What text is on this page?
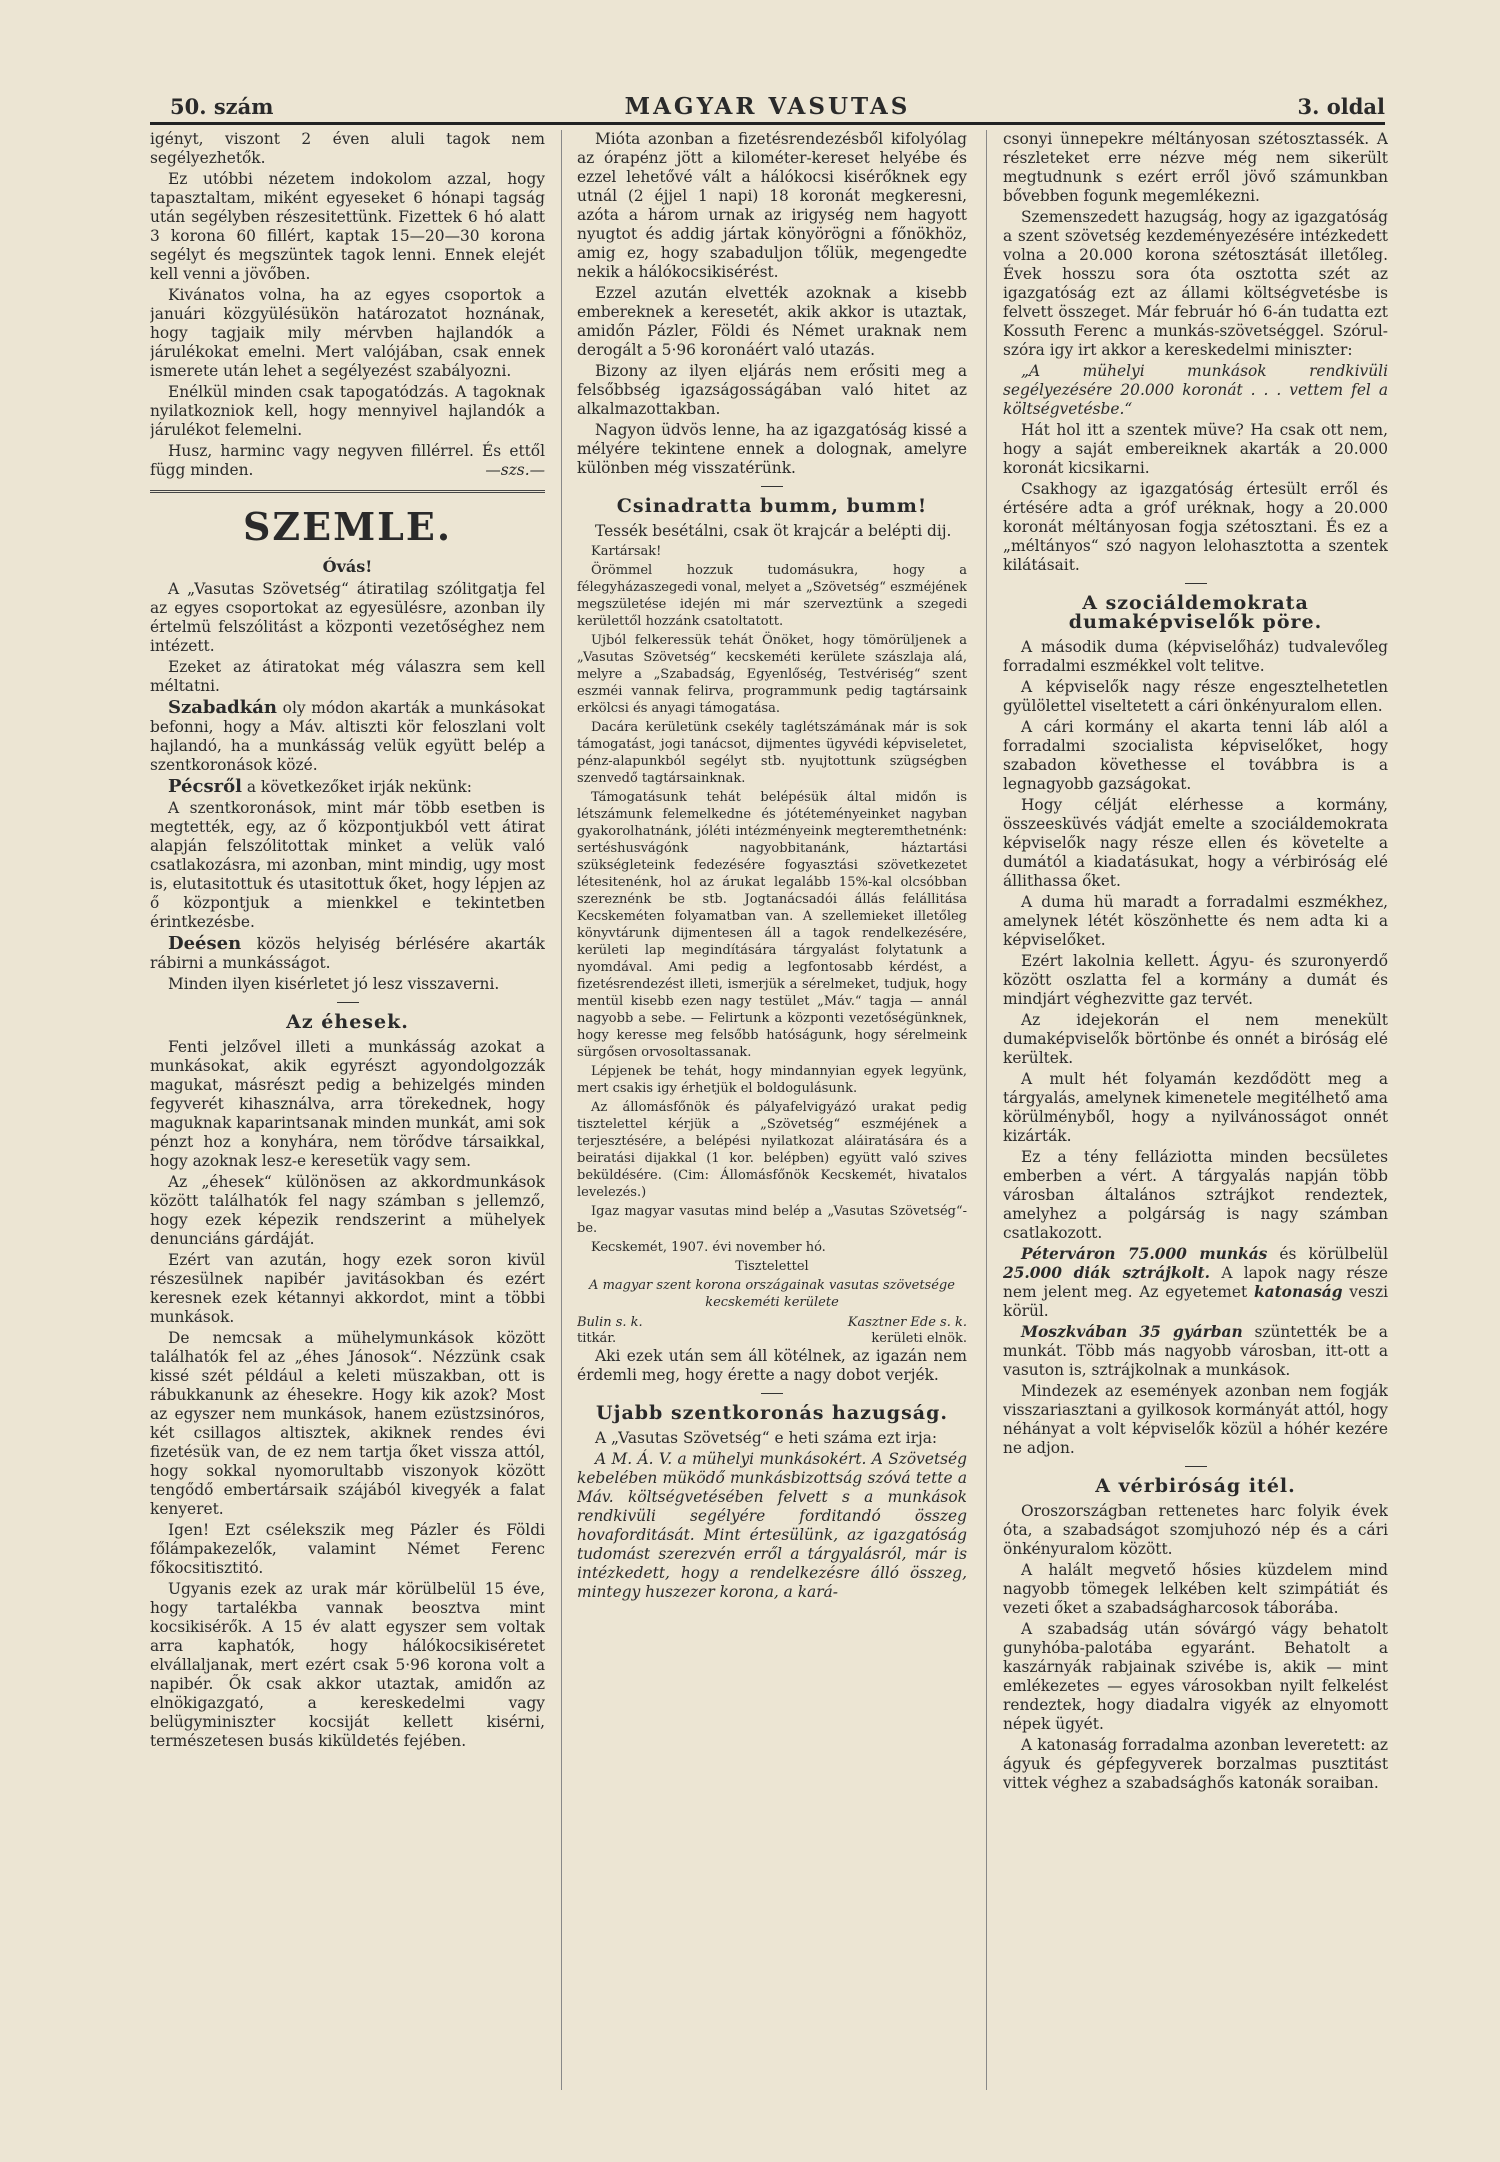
50. szám	MAGYAR VASUTAS	3. oldal

igényt, viszont 2 éven aluli tagok nem segélyezhetők.

Ez utóbbi nézetem indokolom azzal, hogy tapasztaltam, miként egyeseket 6 hónapi tagság után segélyben részesitettünk. Fizettek 6 hó alatt 3 korona 60 fillért, kaptak 15—20—30 korona segélyt és megszüntek tagok lenni. Ennek elejét kell venni a jövőben.

Kivánatos volna, ha az egyes csoportok a januári közgyülésükön határozatot hoznának, hogy tagjaik mily mérvben hajlandók a járulékokat emelni. Mert valójában, csak ennek ismerete után lehet a segélyezést szabályozni.

Enélkül minden csak tapogatódzás. A tagoknak nyilatkozniok kell, hogy mennyivel hajlandók a járulékot felemelni.

Husz, harminc vagy negyven fillérrel. És ettől függ minden.	—szs.—

SZEMLE.
Óvás!

A „Vasutas Szövetség“ átiratilag szólitgatja fel az egyes csoportokat az egyesülésre, azonban ily értelmü felszólitást a központi vezetőséghez nem intézett.

Ezeket az átiratokat még válaszra sem kell méltatni.

Szabadkán oly módon akarták a munkásokat befonni, hogy a Máv. altiszti kör feloszlani volt hajlandó, ha a munkásság velük együtt belép a szentkoronások közé.

Pécsről a következőket irják nekünk:

A szentkoronások, mint már több esetben is megtették, egy, az ő központjukból vett átirat alapján felszólitottak minket a velük való csatlakozásra, mi azonban, mint mindig, ugy most is, elutasitottuk és utasitottuk őket, hogy lépjen az ő központjuk a mienkkel e tekintetben érintkezésbe.

Deésen közös helyiség bérlésére akarták rábirni a munkásságot.

Minden ilyen kisérletet jó lesz visszaverni.

Az éhesek.

Fenti jelzővel illeti a munkásság azokat a munkásokat, akik egyrészt agyondolgozzák magukat, másrészt pedig a behizelgés minden fegyverét kihasználva, arra törekednek, hogy maguknak kaparintsanak minden munkát, ami sok pénzt hoz a konyhára, nem törődve társaikkal, hogy azoknak lesz-e keresetük vagy sem.

Az „éhesek“ különösen az akkordmunkások között találhatók fel nagy számban s jellemző, hogy ezek képezik rendszerint a mühelyek denunciáns gárdáját.

Ezért van azután, hogy ezek soron kivül részesülnek napibér javitásokban és ezért keresnek ezek kétannyi akkordot, mint a többi munkások.

De nemcsak a mühelymunkások között találhatók fel az „éhes Jánosok“. Nézzünk csak kissé szét például a keleti müszakban, ott is rábukkanunk az éhesekre. Hogy kik azok? Most az egyszer nem munkások, hanem ezüstzsinóros, két csillagos altisztek, akiknek rendes évi fizetésük van, de ez nem tartja őket vissza attól, hogy sokkal nyomorultabb viszonyok között tengődő embertársaik szájából kivegyék a falat kenyeret.

Igen! Ezt csélekszik meg Pázler és Földi főlámpakezelők, valamint Német Ferenc főkocsitisztitó.

Ugyanis ezek az urak már körülbelül 15 éve, hogy tartalékba vannak beosztva mint kocsikisérők. A 15 év alatt egyszer sem voltak arra kaphatók, hogy hálókocsikiséretet elvállaljanak, mert ezért csak 5·96 korona volt a napibér. Ők csak akkor utaztak, amidőn az elnökigazgató, a kereskedelmi vagy belügyminiszter kocsiját kellett kisérni, természetesen busás kiküldetés fejében.

Mióta azonban a fizetésrendezésből kifolyólag az órapénz jött a kilométer-kereset helyébe és ezzel lehetővé vált a hálókocsi kisérőknek egy utnál (2 éjjel 1 napi) 18 koronát megkeresni, azóta a három urnak az irigység nem hagyott nyugtot és addig jártak könyörögni a főnökhöz, amig ez, hogy szabaduljon tőlük, megengedte nekik a hálókocsikisérést.

Ezzel azután elvették azoknak a kisebb embereknek a keresetét, akik akkor is utaztak, amidőn Pázler, Földi és Német uraknak nem derogált a 5·96 koronáért való utazás.

Bizony az ilyen eljárás nem erősiti meg a felsőbbség igazságosságában való hitet az alkalmazottakban.

Nagyon üdvös lenne, ha az igazgatóság kissé a mélyére tekintene ennek a dolognak, amelyre különben még visszatérünk.

Csinadratta bumm, bumm!

Tessék besétálni, csak öt krajcár a belépti dij.

Kartársak!

Örömmel hozzuk tudomásukra, hogy a félegyházaszegedi vonal, melyet a „Szövetség“ eszméjének megszületése idején mi már szerveztünk a szegedi kerülettől hozzánk csatoltatott.

Ujból felkeressük tehát Önöket, hogy tömörüljenek a „Vasutas Szövetség“ kecskeméti kerülete szászlaja alá, melyre a „Szabadság, Egyenlőség, Testvériség“ szent eszméi vannak felirva, programmunk pedig tagtársaink erkölcsi és anyagi támogatása.

Dacára kerületünk csekély taglétszámának már is sok támogatást, jogi tanácsot, dijmentes ügyvédi képviseletet, pénz-alapunkból segélyt stb. nyujtottunk szügségben szenvedő tagtársainknak.

Támogatásunk tehát belépésük által midőn is létszámunk felemelkedne és jótéteményeinket nagyban gyakorolhatnánk, jóléti intézményeink megteremthetnénk: sertéshusvágónk nagyobbitanánk, háztartási szükségleteink fedezésére fogyasztási szövetkezetet létesitenénk, hol az árukat legalább 15%-kal olcsóbban szereznénk be stb. Jogtanácsadói állás felállitása Kecskeméten folyamatban van. A szellemieket illetőleg könyvtárunk dijmentesen áll a tagok rendelkezésére, kerületi lap megindítására tárgyalást folytatunk a nyomdával. Ami pedig a legfontosabb kérdést, a fizetésrendezést illeti, ismerjük a sérelmeket, tudjuk, hogy mentül kisebb ezen nagy testület „Máv.“ tagja — annál nagyobb a sebe. — Felirtunk a központi vezetőségünknek, hogy keresse meg felsőbb hatóságunk, hogy sérelmeink sürgősen orvosoltassanak.

Lépjenek be tehát, hogy mindannyian egyek legyünk, mert csakis igy érhetjük el boldogulásunk.

Az állomásfőnök és pályafelvigyázó urakat pedig tisztelettel kérjük a „Szövetség“ eszméjének a terjesztésére, a belépési nyilatkozat aláiratására és a beiratási dijakkal (1 kor. belépben) együtt való szives beküldésére. (Cim: Állomásfőnök Kecskemét, hivatalos levelezés.)

Igaz magyar vasutas mind belép a „Vasutas Szövetség“-be.

Kecskemét, 1907. évi november hó.

Tisztelettel

A magyar szent korona országainak vasutas szövetsége kecskeméti kerülete

Bulin s. k.
titkár.
Kasztner Ede s. k.
kerületi elnök.

Aki ezek után sem áll kötélnek, az igazán nem érdemli meg, hogy érette a nagy dobot verjék.

Ujabb szentkoronás hazugság.

A „Vasutas Szövetség“ e heti száma ezt irja:

A M. Á. V. a mühelyi munkásokért. A Szövetség kebelében müködő munkásbizottság szóvá tette a Máv. költségvetésében felvett s a munkások rendkivüli segélyére forditandó összeg hovaforditását. Mint értesülünk, az igazgatóság tudomást szerezvén erről a tárgyalásról, már is intézkedett, hogy a rendelkezésre álló összeg, mintegy huszezer korona, a kará-

csonyi ünnepekre méltányosan szétosztassék. A részleteket erre nézve még nem sikerült megtudnunk s ezért erről jövő számunkban bővebben fogunk megemlékezni.

Szemenszedett hazugság, hogy az igazgatóság a szent szövetség kezdeményezésére intézkedett volna a 20.000 korona szétosztását illetőleg. Évek hosszu sora óta osztotta szét az igazgatóság ezt az állami költségvetésbe is felvett összeget. Már február hó 6-án tudatta ezt Kossuth Ferenc a munkás-szövetséggel. Szórul-szóra igy irt akkor a kereskedelmi miniszter:

„A mühelyi munkások rendkivüli segélyezésére 20.000 koronát . . . vettem fel a költségvetésbe.“

Hát hol itt a szentek müve? Ha csak ott nem, hogy a saját embereiknek akarták a 20.000 koronát kicsikarni.

Csakhogy az igazgatóság értesült erről és értésére adta a gróf uréknak, hogy a 20.000 koronát méltányosan fogja szétosztani. És ez a „méltányos“ szó nagyon lelohasztotta a szentek kilátásait.

A szociáldemokrata dumaképviselők pöre.

A második duma (képviselőház) tudvalevőleg forradalmi eszmékkel volt telitve.

A képviselők nagy része engesztelhetetlen gyülölettel viseltetett a cári önkényuralom ellen.

A cári kormány el akarta tenni láb alól a forradalmi szocialista képviselőket, hogy szabadon követhesse el továbbra is a legnagyobb gazságokat.

Hogy célját elérhesse a kormány, összeesküvés vádját emelte a szociáldemokrata képviselők nagy része ellen és követelte a dumától a kiadatásukat, hogy a vérbiróság elé állithassa őket.

A duma hü maradt a forradalmi eszmékhez, amelynek létét köszönhette és nem adta ki a képviselőket.

Ezért lakolnia kellett. Ágyu- és szuronyerdő között oszlatta fel a kormány a dumát és mindjárt véghezvitte gaz tervét.

Az idejekorán el nem menekült dumaképviselők börtönbe és onnét a biróság elé kerültek.

A mult hét folyamán kezdődött meg a tárgyalás, amelynek kimenetele megitélhető ama körülményből, hogy a nyilvánosságot onnét kizárták.

Ez a tény felláziotta minden becsületes emberben a vért. A tárgyalás napján több városban általános sztrájkot rendeztek, amelyhez a polgárság is nagy számban csatlakozott.

Péterváron 75.000 munkás és körülbelül 25.000 diák sztrájkolt. A lapok nagy része nem jelent meg. Az egyetemet katonaság veszi körül.

Moszkvában 35 gyárban szüntették be a munkát. Több más nagyobb városban, itt-ott a vasuton is, sztrájkolnak a munkások.

Mindezek az események azonban nem fogják visszariasztani a gyilkosok kormányát attól, hogy néhányat a volt képviselők közül a hóhér kezére ne adjon.

A vérbiróság itél.

Oroszországban rettenetes harc folyik évek óta, a szabadságot szomjuhozó nép és a cári önkényuralom között.

A halált megvető hősies küzdelem mind nagyobb tömegek lelkében kelt szimpátiát és vezeti őket a szabadságharcosok táborába.

A szabadság után sóvárgó vágy behatolt gunyhóba-palotába egyaránt. Behatolt a kaszárnyák rabjainak szivébe is, akik — mint emlékezetes — egyes városokban nyilt felkelést rendeztek, hogy diadalra vigyék az elnyomott népek ügyét.

A katonaság forradalma azonban leveretett: az ágyuk és gépfegyverek borzalmas pusztitást vittek véghez a szabadsághős katonák soraiban.
